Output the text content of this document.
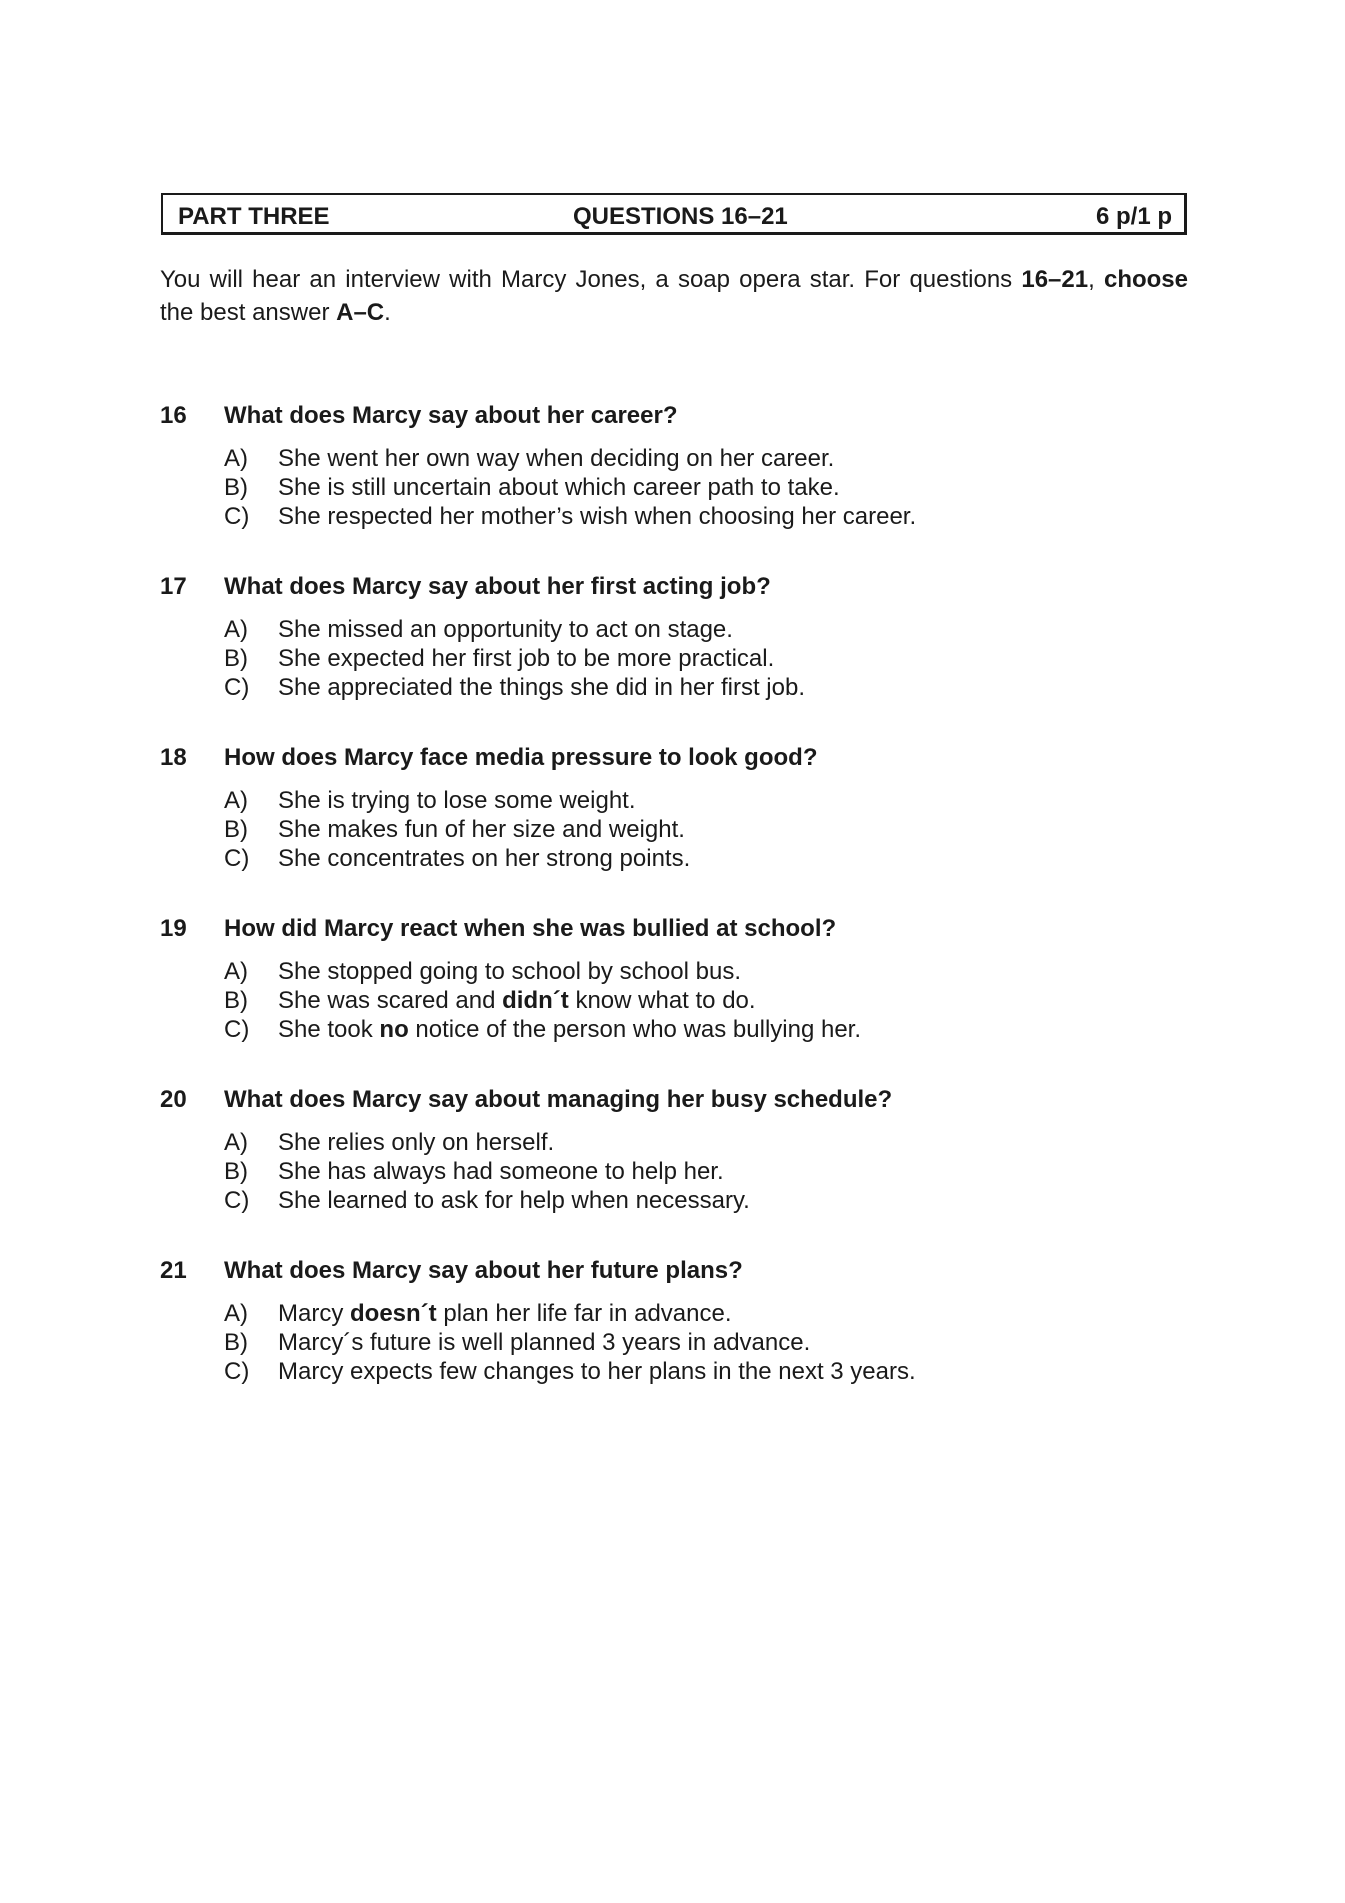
PART THREE	QUESTIONS 16–21	6 p/1 p

You will hear an interview with Marcy Jones, a soap opera star. For questions 16–21, choose the best answer A–C.

16 What does Marcy say about her career?
A) She went her own way when deciding on her career.
B) She is still uncertain about which career path to take.
C) She respected her mother’s wish when choosing her career.
17 What does Marcy say about her first acting job?
A) She missed an opportunity to act on stage.
B) She expected her first job to be more practical.
C) She appreciated the things she did in her first job.
18 How does Marcy face media pressure to look good?
A) She is trying to lose some weight.
B) She makes fun of her size and weight.
C) She concentrates on her strong points.
19 How did Marcy react when she was bullied at school?
A) She stopped going to school by school bus.
B) She was scared and didn´t know what to do.
C) She took no notice of the person who was bullying her.
20 What does Marcy say about managing her busy schedule?
A) She relies only on herself.
B) She has always had someone to help her.
C) She learned to ask for help when necessary.
21 What does Marcy say about her future plans?
A) Marcy doesn´t plan her life far in advance.
B) Marcy´s future is well planned 3 years in advance.
C) Marcy expects few changes to her plans in the next 3 years.
